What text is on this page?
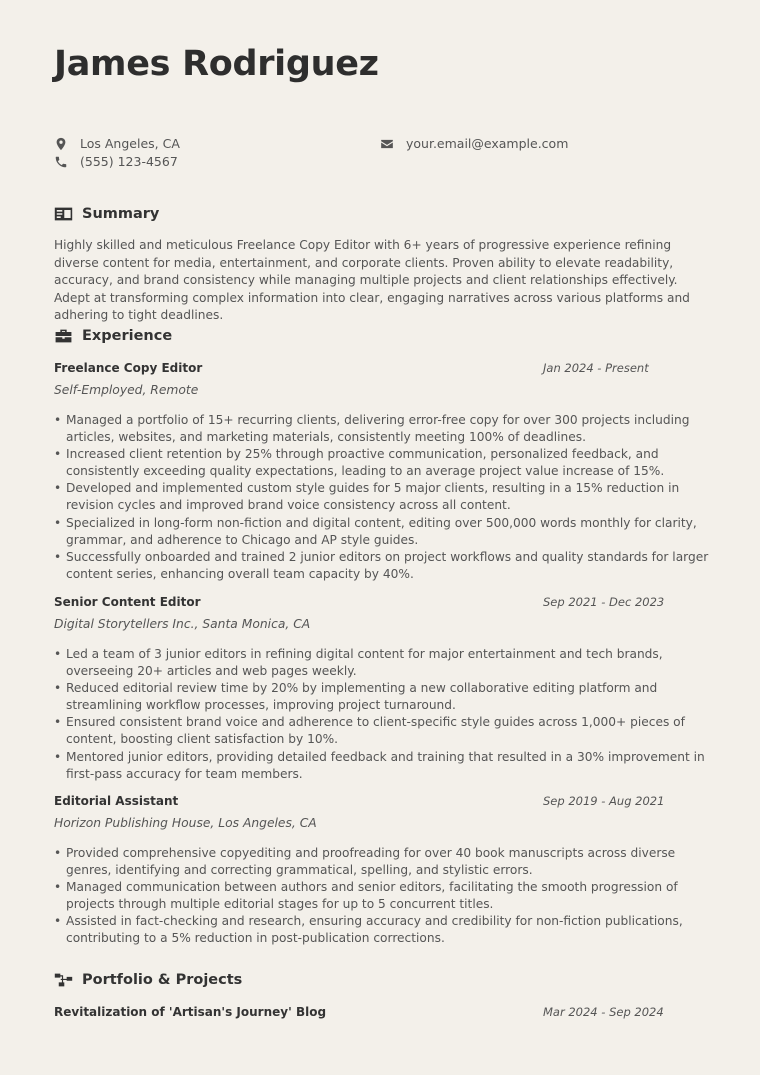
James Rodriguez
Los Angeles, CA
(555) 123-4567
your.email@example.com
Summary

Highly skilled and meticulous Freelance Copy Editor with 6+ years of progressive experience refining diverse content for media, entertainment, and corporate clients. Proven ability to elevate readability, accuracy, and brand consistency while managing multiple projects and client relationships effectively. Adept at transforming complex information into clear, engaging narratives across various platforms and adhering to tight deadlines.

Experience
Freelance Copy Editor	Jan 2024 - Present
Self-Employed, Remote
• Managed a portfolio of 15+ recurring clients, delivering error-free copy for over 300 projects including articles, websites, and marketing materials, consistently meeting 100% of deadlines.
• Increased client retention by 25% through proactive communication, personalized feedback, and consistently exceeding quality expectations, leading to an average project value increase of 15%.
• Developed and implemented custom style guides for 5 major clients, resulting in a 15% reduction in revision cycles and improved brand voice consistency across all content.
• Specialized in long-form non-fiction and digital content, editing over 500,000 words monthly for clarity, grammar, and adherence to Chicago and AP style guides.
• Successfully onboarded and trained 2 junior editors on project workflows and quality standards for larger content series, enhancing overall team capacity by 40%.
Senior Content Editor	Sep 2021 - Dec 2023
Digital Storytellers Inc., Santa Monica, CA
• Led a team of 3 junior editors in refining digital content for major entertainment and tech brands, overseeing 20+ articles and web pages weekly.
• Reduced editorial review time by 20% by implementing a new collaborative editing platform and streamlining workflow processes, improving project turnaround.
• Ensured consistent brand voice and adherence to client-specific style guides across 1,000+ pieces of content, boosting client satisfaction by 10%.
• Mentored junior editors, providing detailed feedback and training that resulted in a 30% improvement in first-pass accuracy for team members.
Editorial Assistant	Sep 2019 - Aug 2021
Horizon Publishing House, Los Angeles, CA
• Provided comprehensive copyediting and proofreading for over 40 book manuscripts across diverse genres, identifying and correcting grammatical, spelling, and stylistic errors.
• Managed communication between authors and senior editors, facilitating the smooth progression of projects through multiple editorial stages for up to 5 concurrent titles.
• Assisted in fact-checking and research, ensuring accuracy and credibility for non-fiction publications, contributing to a 5% reduction in post-publication corrections.
Portfolio & Projects
Revitalization of 'Artisan's Journey' Blog	Mar 2024 - Sep 2024
